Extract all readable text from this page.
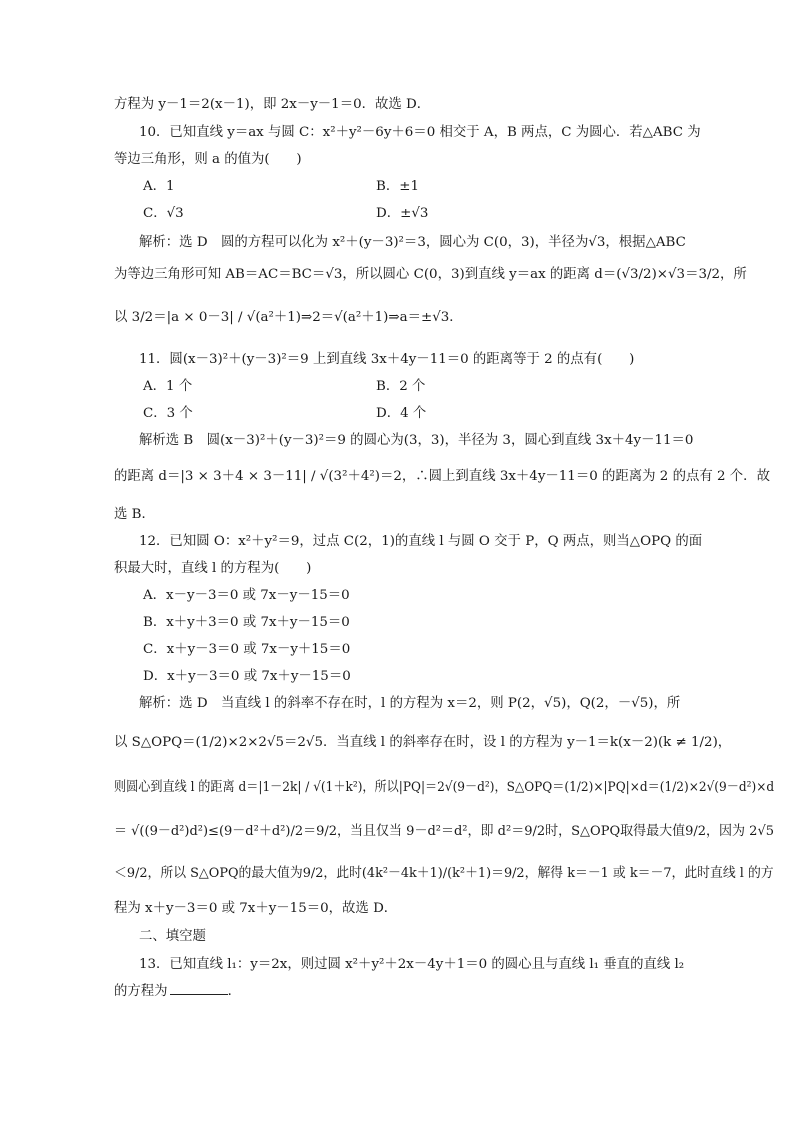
方程为 y－1＝2(x－1)，即 2x－y－1＝0．故选 D．
10．已知直线 y＝ax 与圆 C：x²＋y²－6y＋6＝0 相交于 A，B 两点，C 为圆心．若△ABC 为
等边三角形，则 a 的值为(　　)
A．1	B．±1
C．√3	D．±√3
解析：选 D　圆的方程可以化为 x²＋(y－3)²＝3，圆心为 C(0，3)，半径为√3，根据△ABC
为等边三角形可知 AB＝AC＝BC＝√3，所以圆心 C(0，3)到直线 y＝ax 的距离 d＝(√3/2)×√3＝3/2，所
以 3/2＝|a × 0－3| / √(a²＋1)⇒2＝√(a²＋1)⇒a＝±√3．
11．圆(x－3)²＋(y－3)²＝9 上到直线 3x＋4y－11＝0 的距离等于 2 的点有(　　)
A．1 个	B．2 个
C．3 个	D．4 个
解析选 B　圆(x－3)²＋(y－3)²＝9 的圆心为(3，3)，半径为 3，圆心到直线 3x＋4y－11＝0
的距离 d＝|3 × 3＋4 × 3－11| / √(3²＋4²)＝2，∴圆上到直线 3x＋4y－11＝0 的距离为 2 的点有 2 个．故
选 B．
12．已知圆 O：x²＋y²＝9，过点 C(2，1)的直线 l 与圆 O 交于 P，Q 两点，则当△OPQ 的面
积最大时，直线 l 的方程为(　　)
A．x－y－3＝0 或 7x－y－15＝0
B．x＋y＋3＝0 或 7x＋y－15＝0
C．x＋y－3＝0 或 7x－y＋15＝0
D．x＋y－3＝0 或 7x＋y－15＝0
解析：选 D　当直线 l 的斜率不存在时，l 的方程为 x＝2，则 P(2，√5)，Q(2，－√5)，所
以 S△OPQ＝(1/2)×2×2√5＝2√5．当直线 l 的斜率存在时，设 l 的方程为 y－1＝k(x－2)(k ≠ 1/2)，
则圆心到直线 l 的距离 d＝|1－2k| / √(1＋k²)，所以|PQ|＝2√(9－d²)，S△OPQ＝(1/2)×|PQ|×d＝(1/2)×2√(9－d²)×d
＝ √((9－d²)d²)≤(9－d²＋d²)/2＝9/2，当且仅当 9－d²＝d²，即 d²＝9/2时，S△OPQ取得最大值9/2，因为 2√5
＜9/2，所以 S△OPQ的最大值为9/2，此时(4k²－4k＋1)/(k²＋1)＝9/2，解得 k＝－1 或 k＝－7，此时直线 l 的方
程为 x＋y－3＝0 或 7x＋y－15＝0，故选 D．
二、填空题
13．已知直线 l₁：y＝2x，则过圆 x²＋y²＋2x－4y＋1＝0 的圆心且与直线 l₁ 垂直的直线 l₂
的方程为	．
